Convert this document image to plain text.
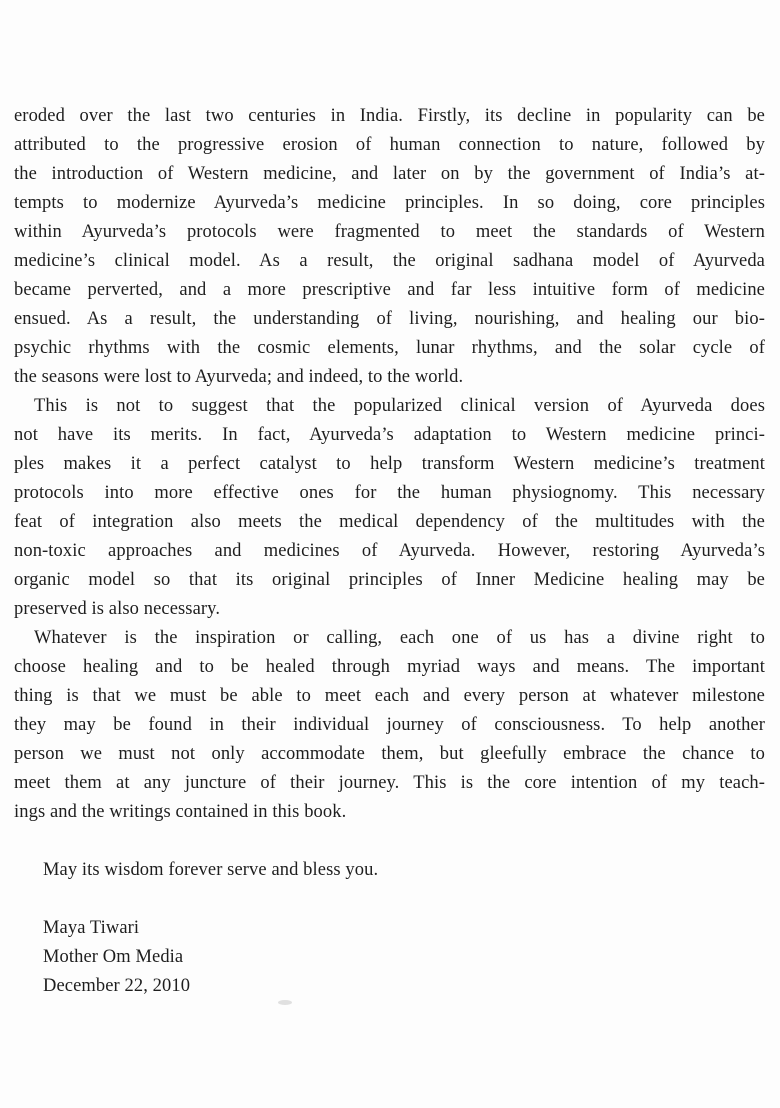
eroded over the last two centuries in India. Firstly, its decline in popularity can be
attributed to the progressive erosion of human connection to nature, followed by
the introduction of Western medicine, and later on by the government of India’s at-
tempts to modernize Ayurveda’s medicine principles. In so doing, core principles
within Ayurveda’s protocols were fragmented to meet the standards of Western
medicine’s clinical model. As a result, the original sadhana model of Ayurveda
became perverted, and a more prescriptive and far less intuitive form of medicine
ensued. As a result, the understanding of living, nourishing, and healing our bio-
psychic rhythms with the cosmic elements, lunar rhythms, and the solar cycle of
the seasons were lost to Ayurveda; and indeed, to the world.
This is not to suggest that the popularized clinical version of Ayurveda does
not have its merits. In fact, Ayurveda’s adaptation to Western medicine princi-
ples makes it a perfect catalyst to help transform Western medicine’s treatment
protocols into more effective ones for the human physiognomy. This necessary
feat of integration also meets the medical dependency of the multitudes with the
non-toxic approaches and medicines of Ayurveda. However, restoring Ayurveda’s
organic model so that its original principles of Inner Medicine healing may be
preserved is also necessary.
Whatever is the inspiration or calling, each one of us has a divine right to
choose healing and to be healed through myriad ways and means. The important
thing is that we must be able to meet each and every person at whatever milestone
they may be found in their individual journey of consciousness. To help another
person we must not only accommodate them, but gleefully embrace the chance to
meet them at any juncture of their journey. This is the core intention of my teach-
ings and the writings contained in this book.

May its wisdom forever serve and bless you.

Maya Tiwari
Mother Om Media
December 22, 2010
